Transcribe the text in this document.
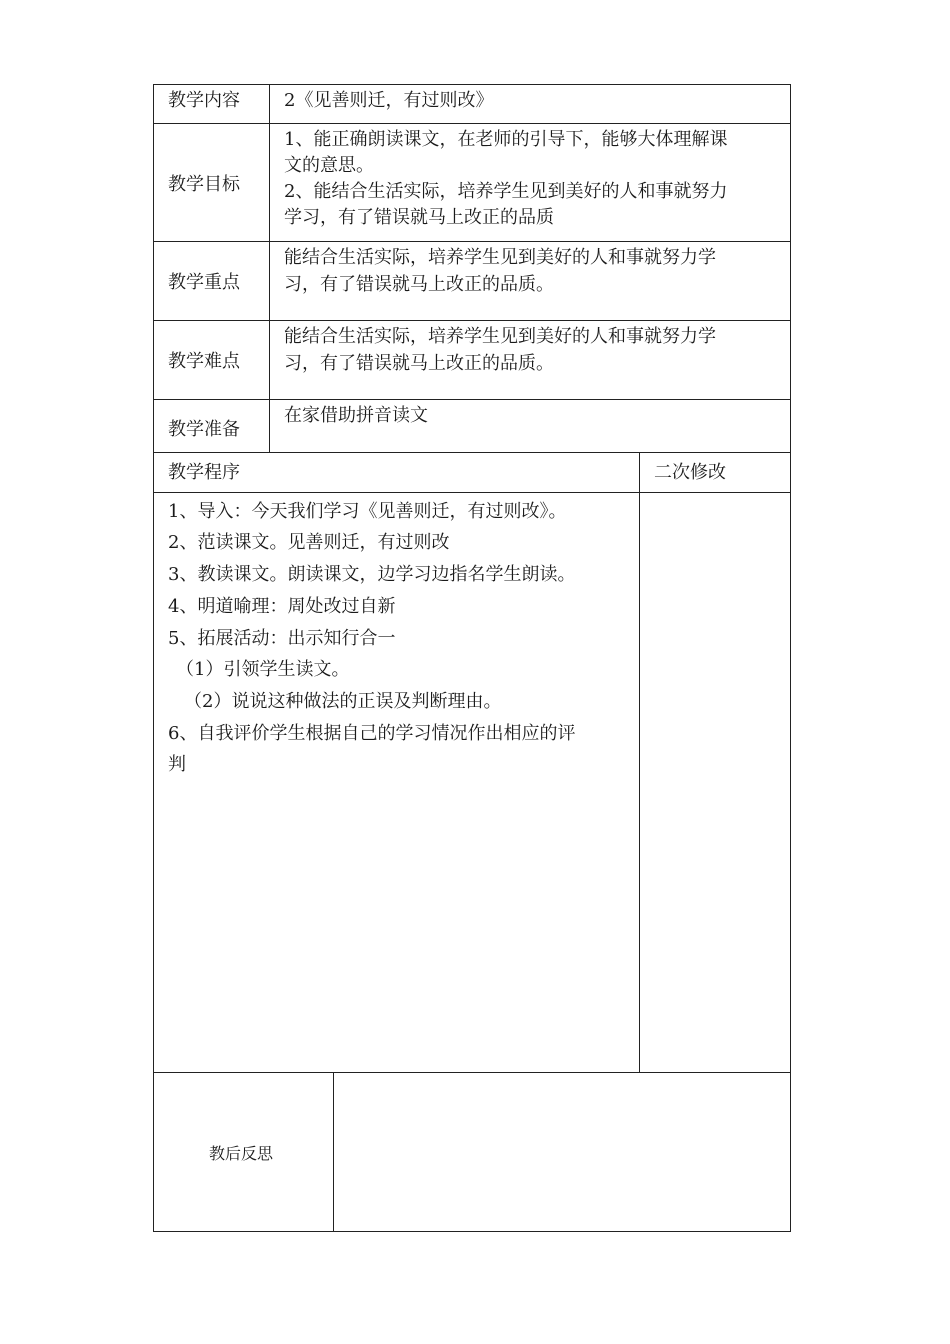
教学内容 2《见善则迁，有过则改》
教学目标
1、能正确朗读课文，在老师的引导下，能够大体理解课
文的意思。
2、能结合生活实际，培养学生见到美好的人和事就努力
学习，有了错误就马上改正的品质
教学重点
能结合生活实际，培养学生见到美好的人和事就努力学
习，有了错误就马上改正的品质。
教学难点
能结合生活实际，培养学生见到美好的人和事就努力学
习，有了错误就马上改正的品质。
教学准备
在家借助拼音读文
教学程序	二次修改
1、导入：今天我们学习《见善则迁，有过则改》。
2、范读课文。见善则迁，有过则改
3、教读课文。朗读课文，边学习边指名学生朗读。
4、明道喻理：周处改过自新
5、拓展活动：出示知行合一
（1）引领学生读文。
（2）说说这种做法的正误及判断理由。
6、自我评价学生根据自己的学习情况作出相应的评
判
教后反思
